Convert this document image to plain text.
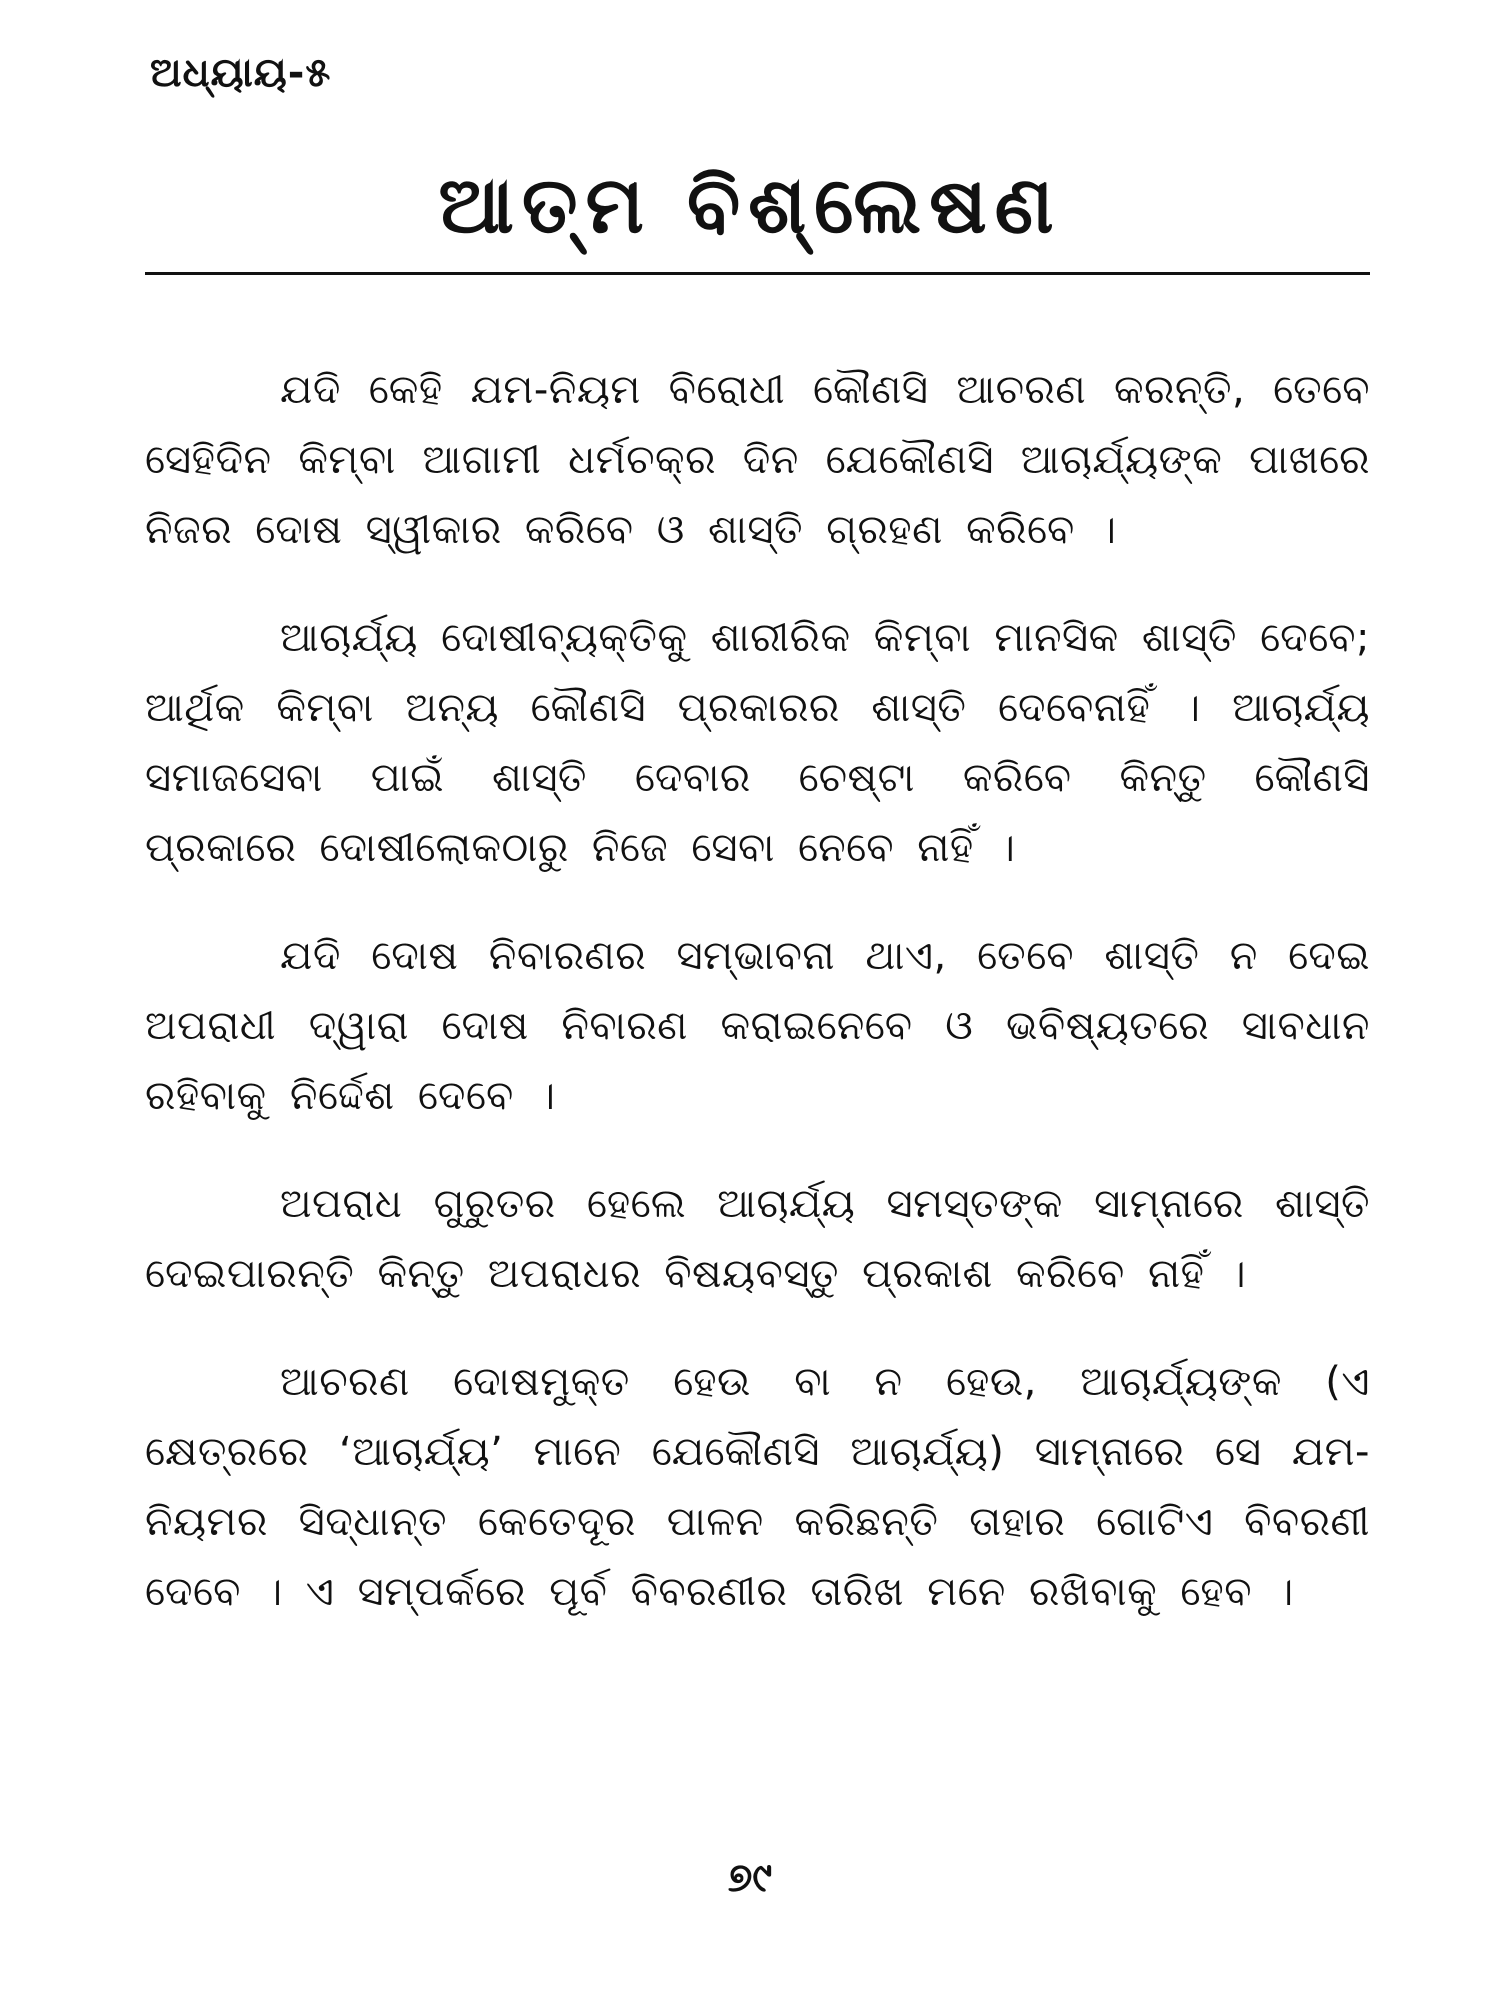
ଅଧ୍ୟାୟ-୫
ଆତ୍ମ ବିଶ୍ଲେଷଣ

ଯଦି କେହି ଯମ-ନିୟମ ବିରୋଧୀ କୌଣସି ଆଚରଣ କରନ୍ତି, ତେବେ ସେହିଦିନ କିମ୍ବା ଆଗାମୀ ଧର୍ମଚକ୍ର ଦିନ ଯେକୌଣସି ଆଚାର୍ଯ୍ୟଙ୍କ ପାଖରେ ନିଜର ଦୋଷ ସ୍ୱୀକାର କରିବେ ଓ ଶାସ୍ତି ଗ୍ରହଣ କରିବେ ।

ଆଚାର୍ଯ୍ୟ ଦୋଷୀବ୍ୟକ୍ତିକୁ ଶାରୀରିକ କିମ୍ବା ମାନସିକ ଶାସ୍ତି ଦେବେ; ଆର୍ଥିକ କିମ୍ବା ଅନ୍ୟ କୌଣସି ପ୍ରକାରର ଶାସ୍ତି ଦେବେନାହିଁ । ଆଚାର୍ଯ୍ୟ ସମାଜସେବା ପାଇଁ ଶାସ୍ତି ଦେବାର ଚେଷ୍ଟା କରିବେ କିନ୍ତୁ କୌଣସି ପ୍ରକାରେ ଦୋଷୀଲୋକଠାରୁ ନିଜେ ସେବା ନେବେ ନାହିଁ ।

ଯଦି ଦୋଷ ନିବାରଣର ସମ୍ଭାବନା ଥାଏ, ତେବେ ଶାସ୍ତି ନ ଦେଇ ଅପରାଧୀ ଦ୍ୱାରା ଦୋଷ ନିବାରଣ କରାଇନେବେ ଓ ଭବିଷ୍ୟତରେ ସାବଧାନ ରହିବାକୁ ନିର୍ଦ୍ଦେଶ ଦେବେ ।

ଅପରାଧ ଗୁରୁତର ହେଲେ ଆଚାର୍ଯ୍ୟ ସମସ୍ତଙ୍କ ସାମ୍ନାରେ ଶାସ୍ତି ଦେଇପାରନ୍ତି କିନ୍ତୁ ଅପରାଧର ବିଷୟବସ୍ତୁ ପ୍ରକାଶ କରିବେ ନାହିଁ ।

ଆଚରଣ ଦୋଷମୁକ୍ତ ହେଉ ବା ନ ହେଉ, ଆଚାର୍ଯ୍ୟଙ୍କ (ଏ କ୍ଷେତ୍ରରେ ‘ଆଚାର୍ଯ୍ୟ’ ମାନେ ଯେକୌଣସି ଆଚାର୍ଯ୍ୟ) ସାମ୍ନାରେ ସେ ଯମ-ନିୟମର ସିଦ୍ଧାନ୍ତ କେତେଦୂର ପାଳନ କରିଛନ୍ତି ତାହାର ଗୋଟିଏ ବିବରଣୀ ଦେବେ । ଏ ସମ୍ପର୍କରେ ପୂର୍ବ ବିବରଣୀର ତାରିଖ ମନେ ରଖିବାକୁ ହେବ ।

୭୯
